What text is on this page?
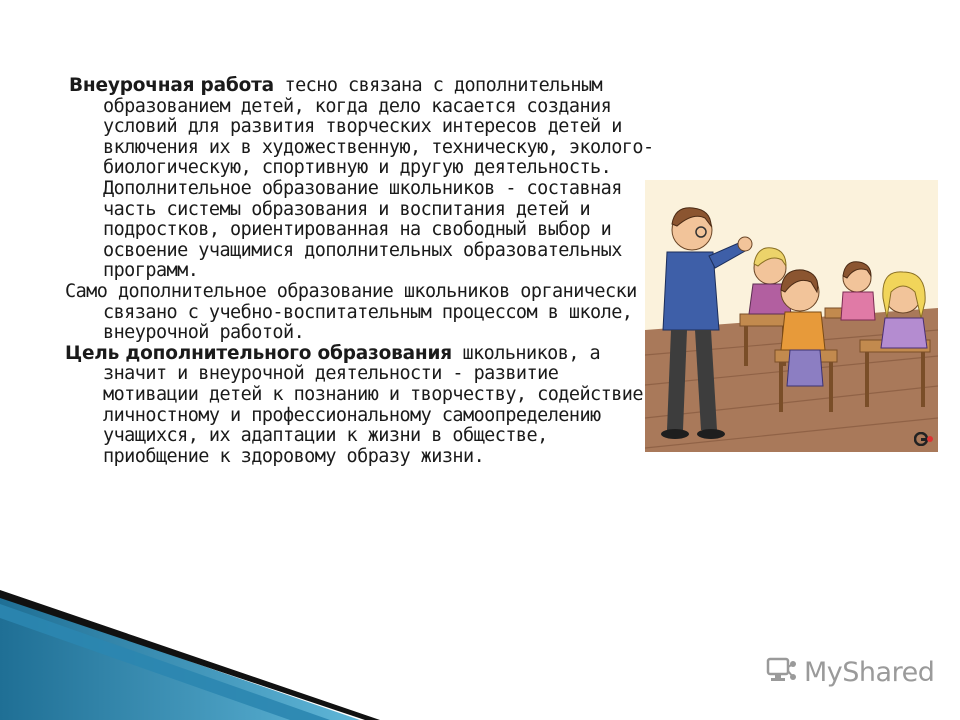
Внеурочная работа тесно связана с дополнительным образованием детей, когда дело касается создания условий для развития творческих интересов детей и включения их в художественную, техническую, эколого-биологическую, спортивную и другую деятельность. Дополнительное образование школьников - составная часть системы образования и воспитания детей и подростков, ориентированная на свободный выбор и освоение учащимися дополнительных образовательных программ.

Само дополнительное образование школьников органически связано с учебно-воспитательным процессом в школе, внеурочной работой.

Цель дополнительного образования школьников, а значит и внеурочной деятельности - развитие мотивации детей к познанию и творчеству, содействие личностному и профессиональному самоопределению учащихся, их адаптации к жизни в обществе, приобщение к здоровому образу жизни.

MyShared
